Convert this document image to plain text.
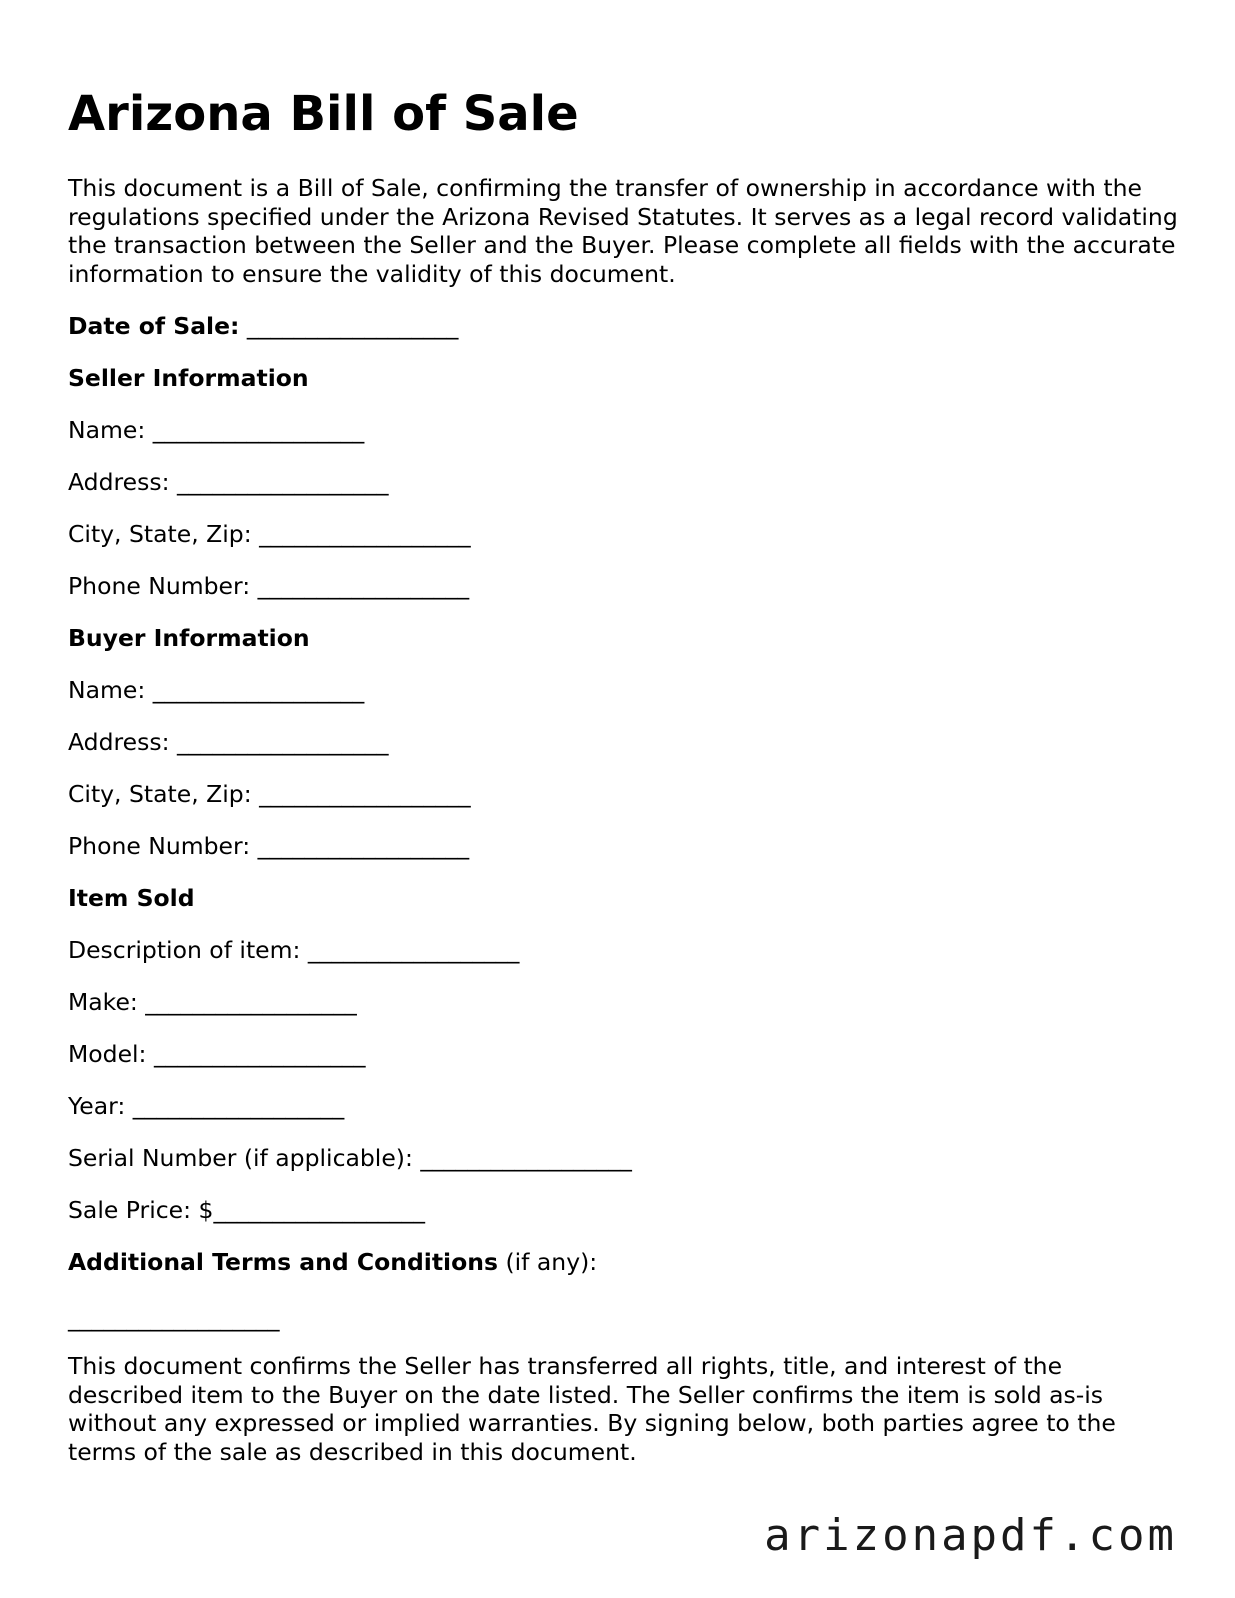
Arizona Bill of Sale

This document is a Bill of Sale, confirming the transfer of ownership in accordance with the regulations specified under the Arizona Revised Statutes. It serves as a legal record validating the transaction between the Seller and the Buyer. Please complete all fields with the accurate information to ensure the validity of this document.

Date of Sale: __________________
Seller Information
Name: __________________
Address: __________________
City, State, Zip: __________________
Phone Number: __________________
Buyer Information
Name: __________________
Address: __________________
City, State, Zip: __________________
Phone Number: __________________
Item Sold
Description of item: __________________
Make: __________________
Model: __________________
Year: __________________
Serial Number (if applicable): __________________
Sale Price: $__________________
Additional Terms and Conditions (if any):
__________________

This document confirms the Seller has transferred all rights, title, and interest of the described item to the Buyer on the date listed. The Seller confirms the item is sold as-is without any expressed or implied warranties. By signing below, both parties agree to the terms of the sale as described in this document.

arizonapdf.com
